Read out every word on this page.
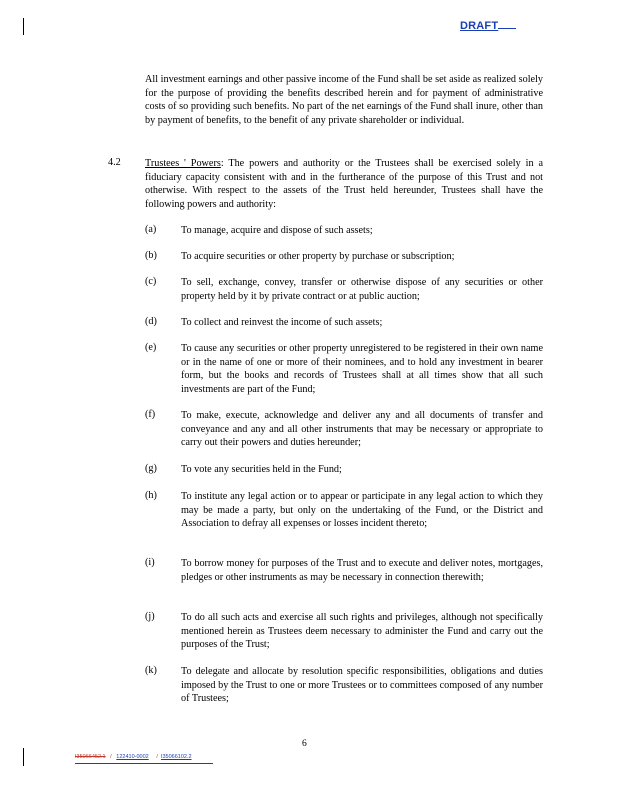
DRAFT
All investment earnings and other passive income of the Fund shall be set aside as realized solely for the purpose of providing the benefits described herein and for payment of administrative costs of so providing such benefits. No part of the net earnings of the Fund shall inure, other than by payment of benefits, to the benefit of any private shareholder or individual.
4.2 Trustees ' Powers: The powers and authority or the Trustees shall be exercised solely in a fiduciary capacity consistent with and in the furtherance of the purpose of this Trust and not otherwise. With respect to the assets of the Trust held hereunder, Trustees shall have the following powers and authority:
(a) To manage, acquire and dispose of such assets;
(b) To acquire securities or other property by purchase or subscription;
(c) To sell, exchange, convey, transfer or otherwise dispose of any securities or other property held by it by private contract or at public auction;
(d) To collect and reinvest the income of such assets;
(e) To cause any securities or other property unregistered to be registered in their own name or in the name of one or more of their nominees, and to hold any investment in bearer form, but the books and records of Trustees shall at all times show that all such investments are part of the Fund;
(f)	To make, execute, acknowledge and deliver any and all documents of transfer and conveyance and any and all other instruments that may be necessary or appropriate to carry out their powers and duties hereunder;
(g) To vote any securities held in the Fund;
(h) To institute any legal action or to appear or participate in any legal action to which they may be made a party, but only on the undertaking of the Fund, or the District and Association to defray all expenses or losses incident thereto;
(i)	To borrow money for purposes of the Trust and to execute and deliver notes, mortgages, pledges or other instruments as may be necessary in connection therewith;
(j)	To do all such acts and exercise all such rights and privileges, although not specifically mentioned herein as Trustees deem necessary to administer the Fund and carry out the purposes of the Trust;
(k) To delegate and allocate by resolution specific responsibilities, obligations and duties imposed by the Trust to one or more Trustees or to committees composed of any number of Trustees;
6
I35066452.1   /   122410-0002     /  I35066102.2
